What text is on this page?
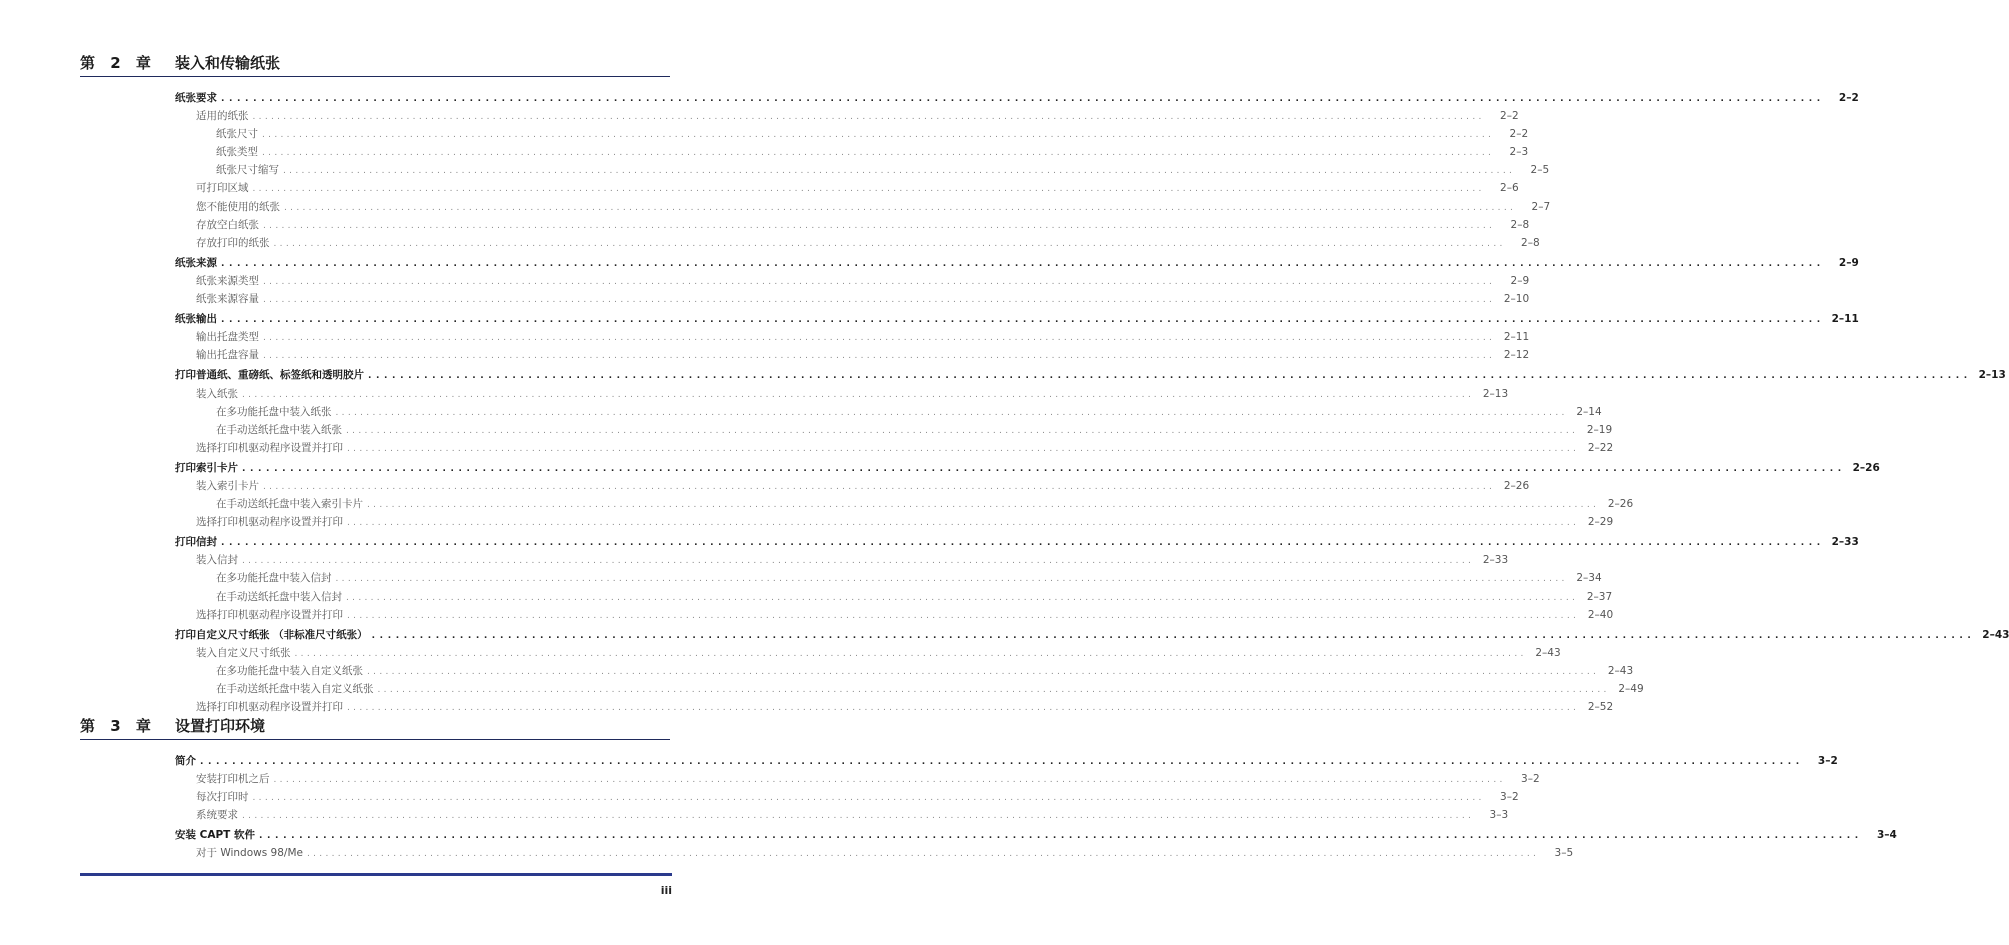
第 2 章 装入和传输纸张
纸张要求 ........................................................................................................................................................................................................	2–2
适用的纸张 ........................................................................................................................................................................................................	2–2
纸张尺寸 ........................................................................................................................................................................................................	2–2
纸张类型 ........................................................................................................................................................................................................	2–3
纸张尺寸缩写 ........................................................................................................................................................................................................	2–5
可打印区域 ........................................................................................................................................................................................................	2–6
您不能使用的纸张 ........................................................................................................................................................................................................	2–7
存放空白纸张 ........................................................................................................................................................................................................	2–8
存放打印的纸张 ........................................................................................................................................................................................................	2–8
纸张来源 ........................................................................................................................................................................................................	2–9
纸张来源类型 ........................................................................................................................................................................................................	2–9
纸张来源容量 ........................................................................................................................................................................................................ 2–10
纸张输出 ........................................................................................................................................................................................................ 2–11
输出托盘类型 ........................................................................................................................................................................................................ 2–11
输出托盘容量 ........................................................................................................................................................................................................ 2–12
打印普通纸、重磅纸、标签纸和透明胶片 ........................................................................................................................................................................................................ 2–13
装入纸张 ........................................................................................................................................................................................................ 2–13
在多功能托盘中装入纸张 ........................................................................................................................................................................................................ 2–14
在手动送纸托盘中装入纸张 ........................................................................................................................................................................................................ 2–19
选择打印机驱动程序设置并打印 ........................................................................................................................................................................................................ 2–22
打印索引卡片 ........................................................................................................................................................................................................ 2–26
装入索引卡片 ........................................................................................................................................................................................................ 2–26
在手动送纸托盘中装入索引卡片 ........................................................................................................................................................................................................ 2–26
选择打印机驱动程序设置并打印 ........................................................................................................................................................................................................ 2–29
打印信封 ........................................................................................................................................................................................................ 2–33
装入信封 ........................................................................................................................................................................................................ 2–33
在多功能托盘中装入信封 ........................................................................................................................................................................................................ 2–34
在手动送纸托盘中装入信封 ........................................................................................................................................................................................................ 2–37
选择打印机驱动程序设置并打印 ........................................................................................................................................................................................................ 2–40
打印自定义尺寸纸张 （非标准尺寸纸张） ........................................................................................................................................................................................................ 2–43
装入自定义尺寸纸张 ........................................................................................................................................................................................................ 2–43
在多功能托盘中装入自定义纸张 ........................................................................................................................................................................................................ 2–43
在手动送纸托盘中装入自定义纸张 ........................................................................................................................................................................................................ 2–49
选择打印机驱动程序设置并打印 ........................................................................................................................................................................................................ 2–52
第 3 章 设置打印环境
简介 ........................................................................................................................................................................................................	3–2
安装打印机之后 ........................................................................................................................................................................................................	3–2
每次打印时 ........................................................................................................................................................................................................	3–2
系统要求 ........................................................................................................................................................................................................	3–3
安装 CAPT 软件 ........................................................................................................................................................................................................	3–4
对于 Windows 98/Me ........................................................................................................................................................................................................	3–5
iii
